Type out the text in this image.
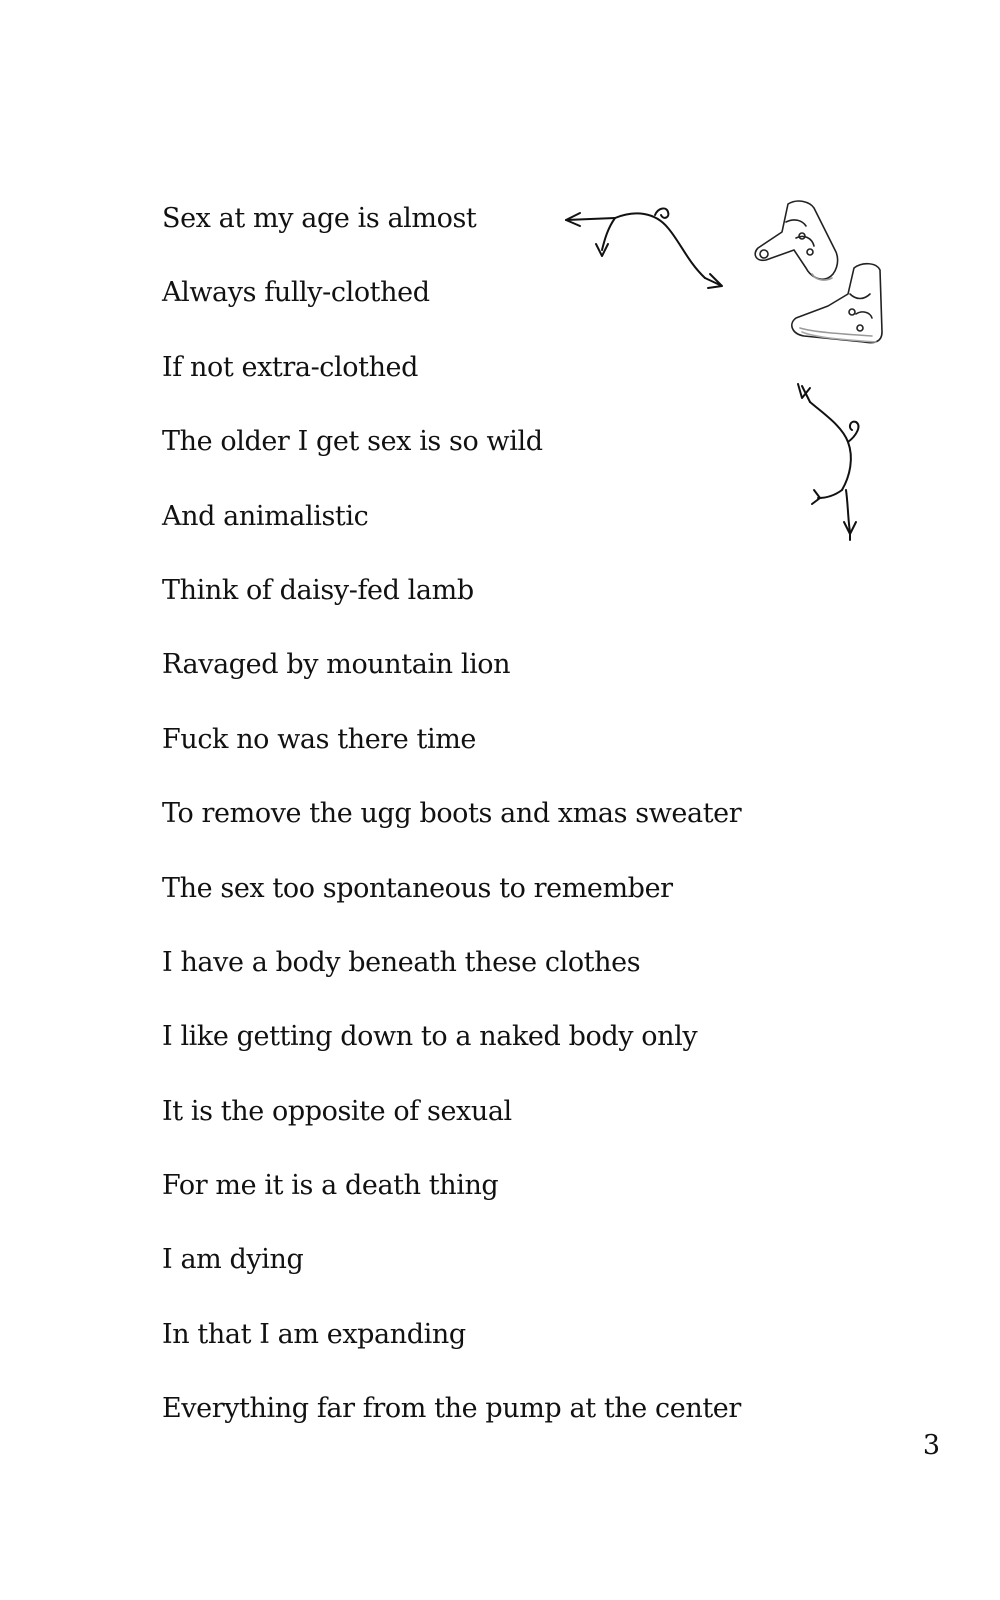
Sex at my age is almost
Always fully-clothed
If not extra-clothed
The older I get sex is so wild
And animalistic
Think of daisy-fed lamb
Ravaged by mountain lion
Fuck no was there time
To remove the ugg boots and xmas sweater
The sex too spontaneous to remember
I have a body beneath these clothes
I like getting down to a naked body only
It is the opposite of sexual
For me it is a death thing
I am dying
In that I am expanding
Everything far from the pump at the center
3
